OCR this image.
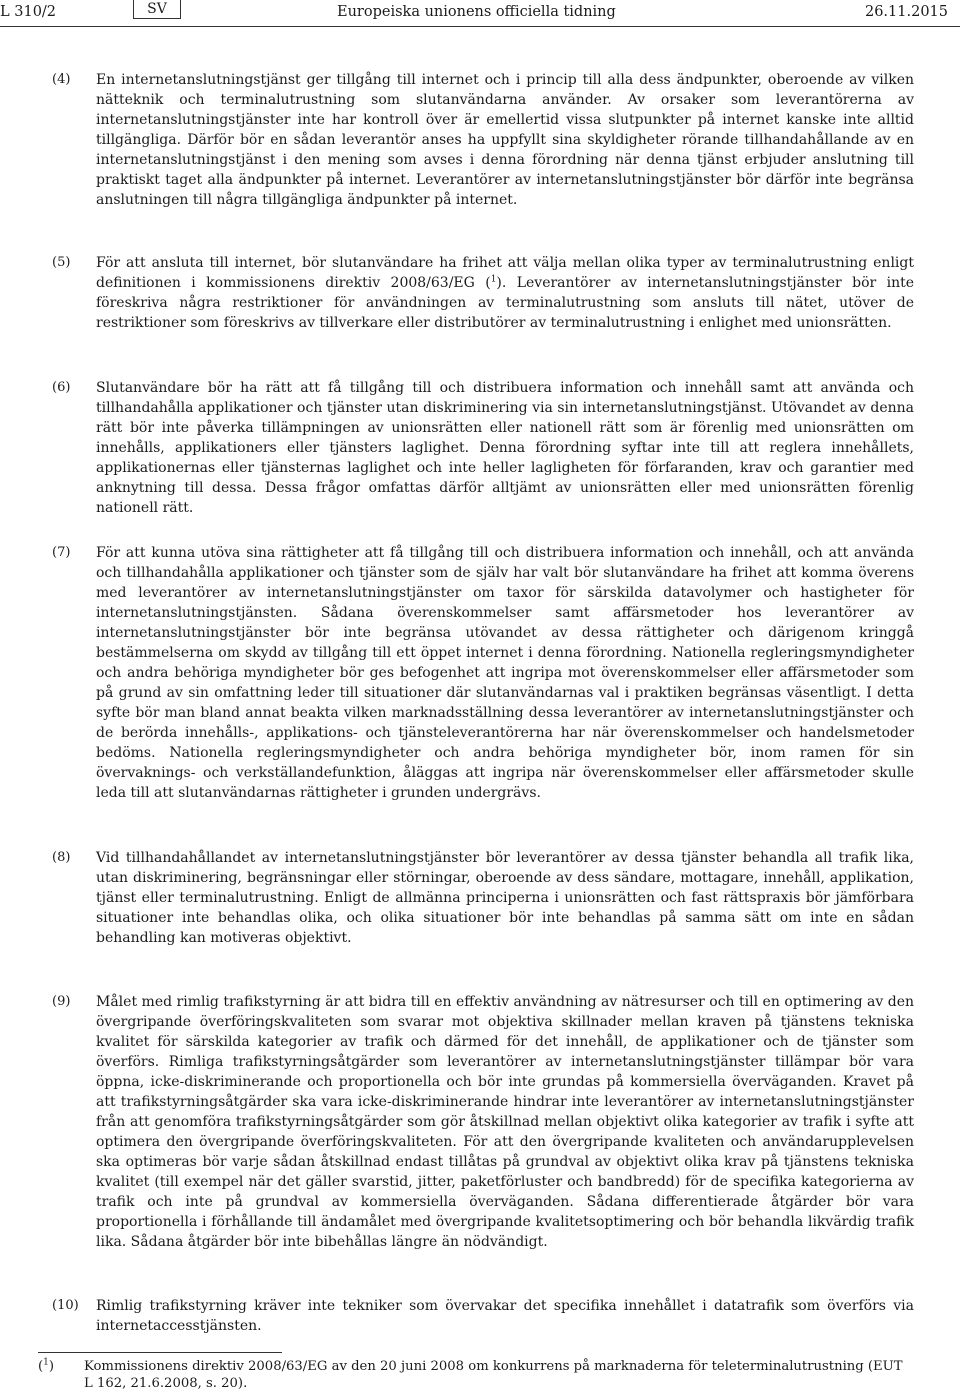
L 310/2	SV	Europeiska unionens officiella tidning	26.11.2015
(4) En internetanslutningstjänst ger tillgång till internet och i princip till alla dess ändpunkter, oberoende av vilken nätteknik och terminalutrustning som slutanvändarna använder. Av orsaker som leverantörerna av internetanslutningstjänster inte har kontroll över är emellertid vissa slutpunkter på internet kanske inte alltid tillgängliga. Därför bör en sådan leverantör anses ha uppfyllt sina skyldigheter rörande tillhandahållande av en internetanslutningstjänst i den mening som avses i denna förordning när denna tjänst erbjuder anslutning till praktiskt taget alla ändpunkter på internet. Leverantörer av internetanslutningstjänster bör därför inte begränsa anslutningen till några tillgängliga ändpunkter på internet.
(5) För att ansluta till internet, bör slutanvändare ha frihet att välja mellan olika typer av terminalutrustning enligt definitionen i kommissionens direktiv 2008/63/EG ($^1$). Leverantörer av internetanslutningstjänster bör inte föreskriva några restriktioner för användningen av terminalutrustning som ansluts till nätet, utöver de restriktioner som föreskrivs av tillverkare eller distributörer av terminalutrustning i enlighet med unionsrätten.
(6) Slutanvändare bör ha rätt att få tillgång till och distribuera information och innehåll samt att använda och tillhandahålla applikationer och tjänster utan diskriminering via sin internetanslutningstjänst. Utövandet av denna rätt bör inte påverka tillämpningen av unionsrätten eller nationell rätt som är förenlig med unionsrätten om innehålls, applikationers eller tjänsters laglighet. Denna förordning syftar inte till att reglera innehållets, applikationernas eller tjänsternas laglighet och inte heller lagligheten för förfaranden, krav och garantier med anknytning till dessa. Dessa frågor omfattas därför alltjämt av unionsrätten eller med unionsrätten förenlig nationell rätt.
(7) För att kunna utöva sina rättigheter att få tillgång till och distribuera information och innehåll, och att använda och tillhandahålla applikationer och tjänster som de själv har valt bör slutanvändare ha frihet att komma överens med leverantörer av internetanslutningstjänster om taxor för särskilda datavolymer och hastigheter för internetanslutningstjänsten. Sådana överenskommelser samt affärsmetoder hos leverantörer av internetanslutningstjänster bör inte begränsa utövandet av dessa rättigheter och därigenom kringgå bestämmelserna om skydd av tillgång till ett öppet internet i denna förordning. Nationella regleringsmyndigheter och andra behöriga myndigheter bör ges befogenhet att ingripa mot överenskommelser eller affärsmetoder som på grund av sin omfattning leder till situationer där slutanvändarnas val i praktiken begränsas väsentligt. I detta syfte bör man bland annat beakta vilken marknadsställning dessa leverantörer av internetanslutningstjänster och de berörda innehålls-, applikations- och tjänsteleverantörerna har när överenskommelser och handelsmetoder bedöms. Nationella regleringsmyndigheter och andra behöriga myndigheter bör, inom ramen för sin övervaknings- och verkställandefunktion, åläggas att ingripa när överenskommelser eller affärsmetoder skulle leda till att slutanvändarnas rättigheter i grunden undergrävs.
(8) Vid tillhandahållandet av internetanslutningstjänster bör leverantörer av dessa tjänster behandla all trafik lika, utan diskriminering, begränsningar eller störningar, oberoende av dess sändare, mottagare, innehåll, applikation, tjänst eller terminalutrustning. Enligt de allmänna principerna i unionsrätten och fast rättspraxis bör jämförbara situationer inte behandlas olika, och olika situationer bör inte behandlas på samma sätt om inte en sådan behandling kan motiveras objektivt.
(9) Målet med rimlig trafikstyrning är att bidra till en effektiv användning av nätresurser och till en optimering av den övergripande överföringskvaliteten som svarar mot objektiva skillnader mellan kraven på tjänstens tekniska kvalitet för särskilda kategorier av trafik och därmed för det innehåll, de applikationer och de tjänster som överförs. Rimliga trafikstyrningsåtgärder som leverantörer av internetanslutningstjänster tillämpar bör vara öppna, icke-diskriminerande och proportionella och bör inte grundas på kommersiella överväganden. Kravet på att trafikstyrningsåtgärder ska vara icke-diskriminerande hindrar inte leverantörer av internetanslutningstjänster från att genomföra trafikstyrningsåtgärder som gör åtskillnad mellan objektivt olika kategorier av trafik i syfte att optimera den övergripande överföringskvaliteten. För att den övergripande kvaliteten och användarupplevelsen ska optimeras bör varje sådan åtskillnad endast tillåtas på grundval av objektivt olika krav på tjänstens tekniska kvalitet (till exempel när det gäller svarstid, jitter, paketförluster och bandbredd) för de specifika kategorierna av trafik och inte på grundval av kommersiella överväganden. Sådana differentierade åtgärder bör vara proportionella i förhållande till ändamålet med övergripande kvalitetsoptimering och bör behandla likvärdig trafik lika. Sådana åtgärder bör inte bibehållas längre än nödvändigt.
(10) Rimlig trafikstyrning kräver inte tekniker som övervakar det specifika innehållet i datatrafik som överförs via internetaccesstjänsten.
($^1$) Kommissionens direktiv 2008/63/EG av den 20 juni 2008 om konkurrens på marknaderna för teleterminalutrustning (EUT L 162, 21.6.2008, s. 20).
